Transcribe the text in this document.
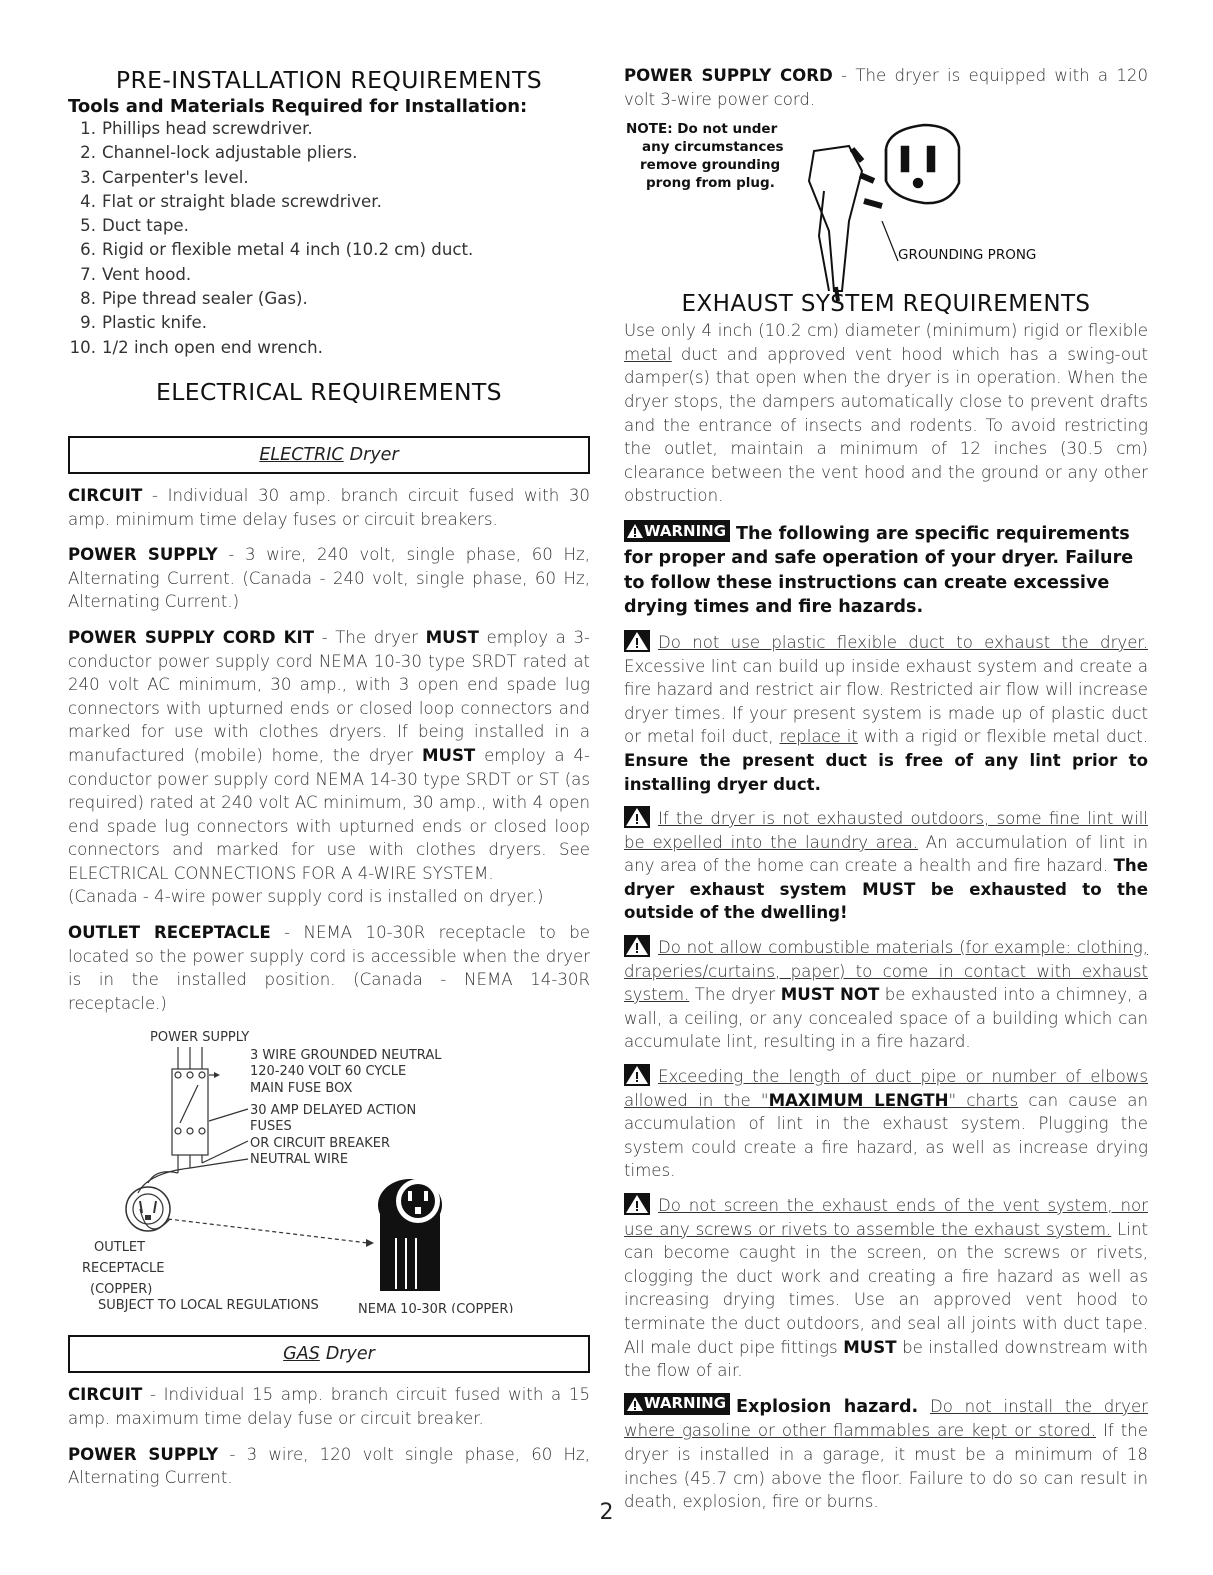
PRE-INSTALLATION REQUIREMENTS
Tools and Materials Required for Installation:
1. Phillips head screwdriver.
2. Channel-lock adjustable pliers.
3. Carpenter's level.
4. Flat or straight blade screwdriver.
5. Duct tape.
6. Rigid or flexible metal 4 inch (10.2 cm) duct.
7. Vent hood.
8. Pipe thread sealer (Gas).
9. Plastic knife.
10. 1/2 inch open end wrench.
ELECTRICAL REQUIREMENTS
ELECTRIC Dryer

CIRCUIT - Individual 30 amp. branch circuit fused with 30 amp. minimum time delay fuses or circuit breakers.

POWER SUPPLY - 3 wire, 240 volt, single phase, 60 Hz, Alternating Current. (Canada - 240 volt, single phase, 60 Hz, Alternating Current.)

POWER SUPPLY CORD KIT - The dryer MUST employ a 3-conductor power supply cord NEMA 10-30 type SRDT rated at 240 volt AC minimum, 30 amp., with 3 open end spade lug connectors with upturned ends or closed loop connectors and marked for use with clothes dryers. If being installed in a manufactured (mobile) home, the dryer MUST employ a 4-conductor power supply cord NEMA 14-30 type SRDT or ST (as required) rated at 240 volt AC minimum, 30 amp., with 4 open end spade lug connectors with upturned ends or closed loop connectors and marked for use with clothes dryers. See ELECTRICAL CONNECTIONS FOR A 4-WIRE SYSTEM.
(Canada - 4-wire power supply cord is installed on dryer.)

OUTLET RECEPTACLE - NEMA 10-30R receptacle to be located so the power supply cord is accessible when the dryer is in the installed position. (Canada - NEMA 14-30R receptacle.)

POWER SUPPLY
3 WIRE GROUNDED NEUTRAL
120-240 VOLT 60 CYCLE
MAIN FUSE BOX
30 AMP DELAYED ACTION
FUSES
OR CIRCUIT BREAKER
NEUTRAL WIRE
OUTLET
RECEPTACLE
(COPPER)
SUBJECT TO LOCAL REGULATIONS	NEMA 10-30R (COPPER)
GAS Dryer

CIRCUIT - Individual 15 amp. branch circuit fused with a 15 amp. maximum time delay fuse or circuit breaker.

POWER SUPPLY - 3 wire, 120 volt single phase, 60 Hz, Alternating Current.

POWER SUPPLY CORD - The dryer is equipped with a 120 volt 3-wire power cord.

NOTE: Do not under
any circumstances
remove grounding
prong from plug.
GROUNDING PRONG
EXHAUST SYSTEM REQUIREMENTS

Use only 4 inch (10.2 cm) diameter (minimum) rigid or flexible metal duct and approved vent hood which has a swing-out damper(s) that open when the dryer is in operation. When the dryer stops, the dampers automatically close to prevent drafts and the entrance of insects and rodents. To avoid restricting the outlet, maintain a minimum of 12 inches (30.5 cm) clearance between the vent hood and the ground or any other obstruction.

WARNING The following are specific requirements for proper and safe operation of your dryer. Failure to follow these instructions can create excessive drying times and fire hazards.

Do not use plastic flexible duct to exhaust the dryer. Excessive lint can build up inside exhaust system and create a fire hazard and restrict air flow. Restricted air flow will increase dryer times. If your present system is made up of plastic duct or metal foil duct, replace it with a rigid or flexible metal duct. Ensure the present duct is free of any lint prior to installing dryer duct.

If the dryer is not exhausted outdoors, some fine lint will be expelled into the laundry area. An accumulation of lint in any area of the home can create a health and fire hazard. The dryer exhaust system MUST be exhausted to the outside of the dwelling!

Do not allow combustible materials (for example: clothing, draperies/curtains, paper) to come in contact with exhaust system. The dryer MUST NOT be exhausted into a chimney, a wall, a ceiling, or any concealed space of a building which can accumulate lint, resulting in a fire hazard.

Exceeding the length of duct pipe or number of elbows allowed in the "MAXIMUM LENGTH" charts can cause an accumulation of lint in the exhaust system. Plugging the system could create a fire hazard, as well as increase drying times.

Do not screen the exhaust ends of the vent system, nor use any screws or rivets to assemble the exhaust system. Lint can become caught in the screen, on the screws or rivets, clogging the duct work and creating a fire hazard as well as increasing drying times. Use an approved vent hood to terminate the duct outdoors, and seal all joints with duct tape. All male duct pipe fittings MUST be installed downstream with the flow of air.

WARNING Explosion hazard. Do not install the dryer where gasoline or other flammables are kept or stored. If the dryer is installed in a garage, it must be a minimum of 18 inches (45.7 cm) above the floor. Failure to do so can result in death, explosion, fire or burns.

2
